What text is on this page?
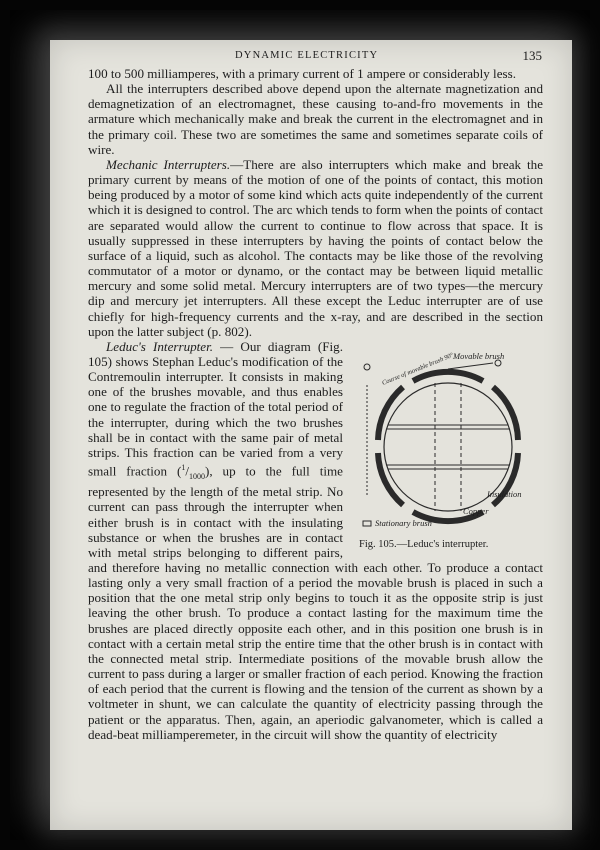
DYNAMIC ELECTRICITY	135

100 to 500 milliamperes, with a primary current of 1 ampere or considerably less.

All the interrupters described above depend upon the alternate magnetization and demagnetization of an electromagnet, these causing to-and-fro movements in the armature which mechanically make and break the current in the electromagnet and in the primary coil. These two are sometimes the same and sometimes separate coils of wire.

Mechanic Interrupters.—There are also interrupters which make and break the primary current by means of the motion of one of the points of contact, this motion being produced by a motor of some kind which acts quite independently of the current which it is designed to control. The arc which tends to form when the points of contact are separated would allow the current to continue to flow across that space. It is usually suppressed in these interrupters by having the points of contact below the surface of a liquid, such as alcohol. The contacts may be like those of the revolving commutator of a motor or dynamo, or the contact may be between liquid metallic mercury and some solid metal. Mercury interrupters are of two types—the mercury dip and mercury jet interrupters. All these except the Leduc interrupter are of use chiefly for high-frequency currents and the x-ray, and are described in the section upon the latter subject (p. 802).

Movable brush
Course of movable brush 90°
Insulation
Copper
Stationary brush
Fig. 105.—Leduc's interrupter.

Leduc's Interrupter. — Our diagram (Fig. 105) shows Stephan Leduc's modification of the Contremoulin interrupter. It consists in making one of the brushes movable, and thus enables one to regulate the fraction of the total period of the interrupter, during which the two brushes shall be in contact with the same pair of metal strips. This fraction can be varied from a very small fraction $(^1/_{1000})$, up to the full time represented by the length of the metal strip. No current can pass through the interrupter when either brush is in contact with the insulating substance or when the brushes are in contact with metal strips belonging to different pairs, and therefore having no metallic connection with each other. To produce a contact lasting only a very small fraction of a period the movable brush is placed in such a position that the one metal strip only begins to touch it as the opposite strip is just leaving the other brush. To produce a contact lasting for the maximum time the brushes are placed directly opposite each other, and in this position one brush is in contact with a certain metal strip the entire time that the other brush is in contact with the connected metal strip. Intermediate positions of the movable brush allow the current to pass during a larger or smaller fraction of each period. Knowing the fraction of each period that the current is flowing and the tension of the current as shown by a voltmeter in shunt, we can calculate the quantity of electricity passing through the patient or the apparatus. Then, again, an aperiodic galvanometer, which is called a dead-beat milliamperemeter, in the circuit will show the quantity of electricity
